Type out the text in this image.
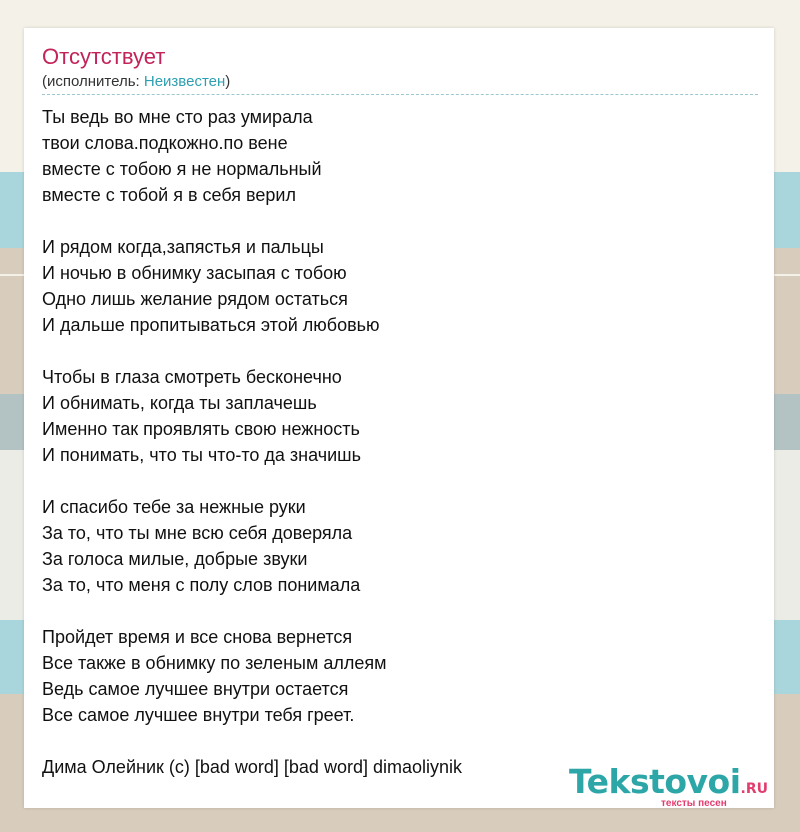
Отсутствует
(исполнитель: Неизвестен)
Ты ведь во мне сто раз умирала
твои слова.подкожно.по вене
вместе с тобою я не нормальный
вместе с тобой я в себя верил
И рядом когда,запястья и пальцы
И ночью в обнимку засыпая с тобою
Одно лишь желание рядом остаться
И дальше пропитываться этой любовью
Чтобы в глаза смотреть бесконечно
И обнимать, когда ты заплачешь
Именно так проявлять свою нежность
И понимать, что ты что-то да значишь
И спасибо тебе за нежные руки
За то, что ты мне всю себя доверяла
За голоса милые, добрые звуки
За то, что меня с полу слов понимала
Пройдет время и все снова вернется
Все также в обнимку по зеленым аллеям
Ведь самое лучшее внутри остается
Все самое лучшее внутри тебя греет.
Дима Олейник (c) [bad word] [bad word] dimaoliynik	Tekstovoi.RU
тексты песен
